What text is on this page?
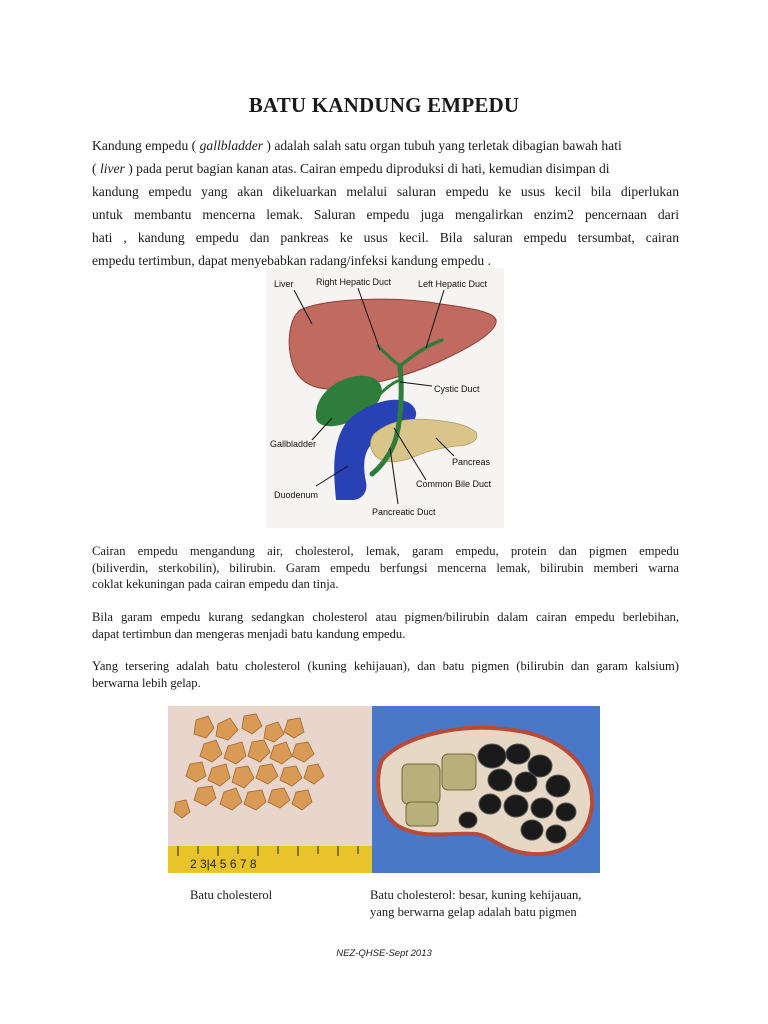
BATU KANDUNG EMPEDU
Kandung empedu ( gallbladder ) adalah salah satu organ tubuh yang terletak dibagian bawah hati
( liver ) pada perut bagian kanan atas. Cairan empedu diproduksi di hati, kemudian disimpan di
kandung empedu yang akan dikeluarkan melalui saluran empedu ke usus kecil bila diperlukan
untuk membantu mencerna lemak. Saluran empedu juga mengalirkan enzim2 pencernaan dari
hati , kandung empedu dan pankreas ke usus kecil. Bila saluran empedu tersumbat, cairan
empedu tertimbun, dapat menyebabkan radang/infeksi kandung empedu .
Liver Right Hepatic Duct	Left Hepatic Duct
Cystic Duct
Gallbladder
Pancreas
Common Bile Duct
Duodenum
Pancreatic Duct
Cairan empedu mengandung air, cholesterol, lemak, garam empedu, protein dan pigmen empedu
(biliverdin, sterkobilin), bilirubin. Garam empedu berfungsi mencerna lemak, bilirubin memberi warna
coklat kekuningan pada cairan empedu dan tinja.
Bila garam empedu kurang sedangkan cholesterol atau pigmen/bilirubin dalam cairan empedu berlebihan,
dapat tertimbun dan mengeras menjadi batu kandung empedu.
Yang tersering adalah batu cholesterol (kuning kehijauan), dan batu pigmen (bilirubin dan garam kalsium)
berwarna lebih gelap.
2 3|4 5 6 7 8
Batu cholesterol	Batu cholesterol: besar, kuning kehijauan,
yang berwarna gelap adalah batu pigmen
NEZ-QHSE-Sept 2013
